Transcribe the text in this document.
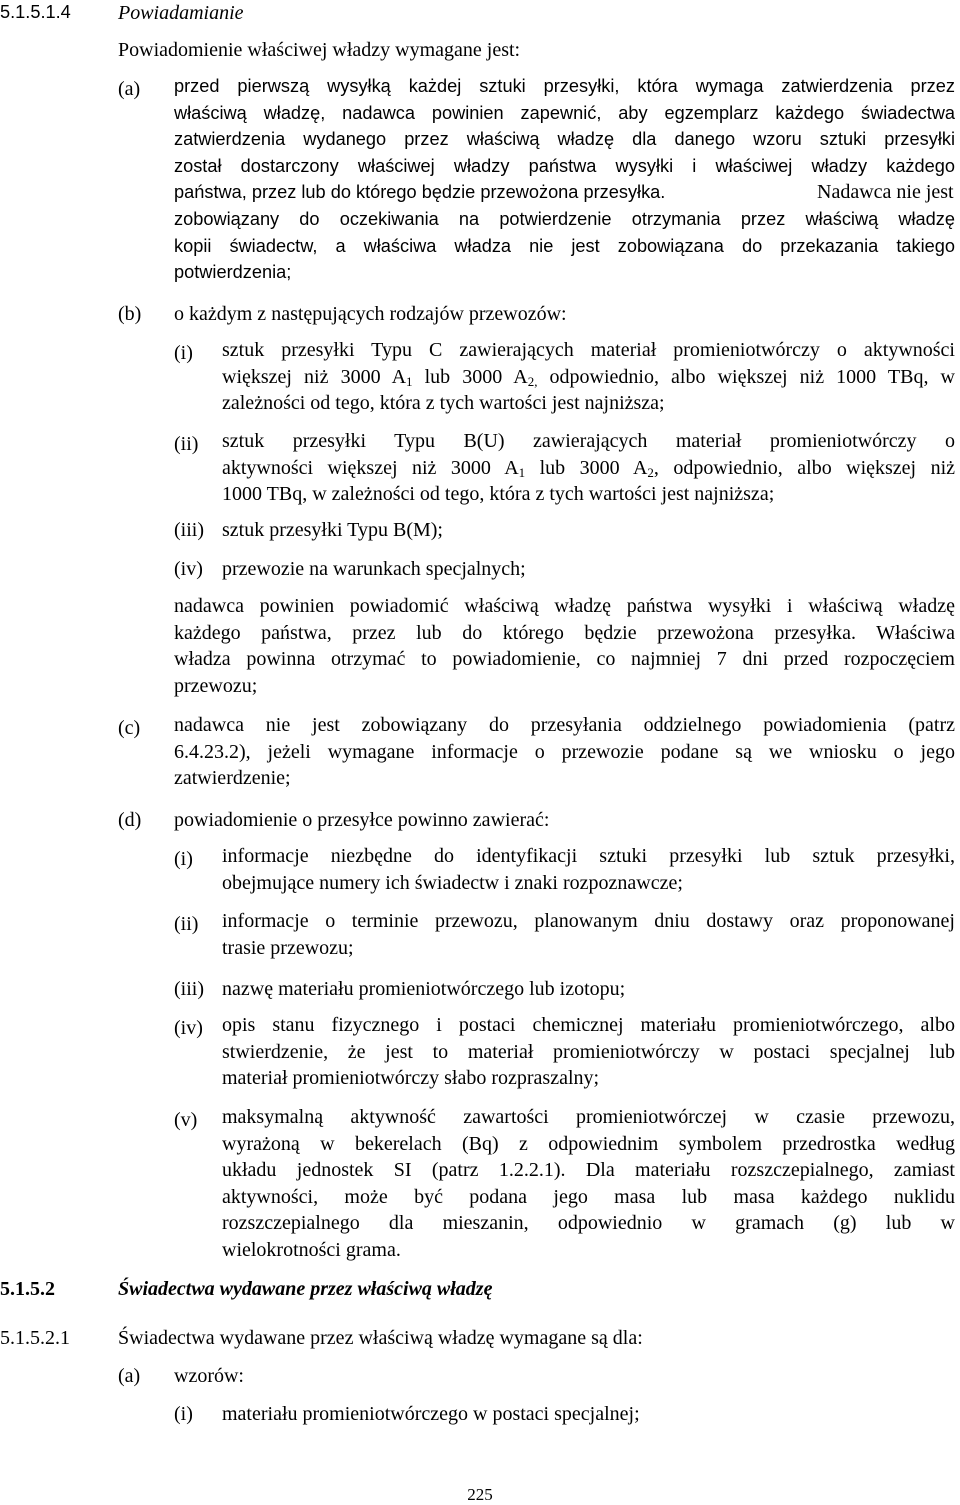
5.1.5.1.4 Powiadamianie
Powiadomienie właściwej władzy wymagane jest:
(a) przed pierwszą wysyłką każdej sztuki przesyłki, która wymaga zatwierdzenia przez
właściwą władzę, nadawca powinien zapewnić, aby egzemplarz każdego świadectwa
zatwierdzenia wydanego przez właściwą władzę dla danego wzoru sztuki przesyłki
został dostarczony właściwej władzy państwa wysyłki i właściwej władzy każdego
państwa, przez lub do którego będzie przewożona przesyłka.	Nadawca nie jest
zobowiązany do oczekiwania na potwierdzenie otrzymania przez właściwą władzę
kopii świadectw, a właściwa władza nie jest zobowiązana do przekazania takiego
potwierdzenia;
(b) o każdym z następujących rodzajów przewozów:
(i) sztuk przesyłki Typu C zawierających materiał promieniotwórczy o aktywności
większej niż 3000 $A_1$ lub 3000 $A_{2,}$ odpowiednio, albo większej niż 1000 TBq, w
zależności od tego, która z tych wartości jest najniższa;
(ii) sztuk przesyłki Typu B(U) zawierających materiał promieniotwórczy o
aktywności większej niż 3000 $A_1$ lub 3000 $A_2$, odpowiednio, albo większej niż
1000 TBq, w zależności od tego, która z tych wartości jest najniższa;
(iii) sztuk przesyłki Typu B(M);
(iv) przewozie na warunkach specjalnych;
nadawca powinien powiadomić właściwą władzę państwa wysyłki i właściwą władzę
każdego państwa, przez lub do którego będzie przewożona przesyłka. Właściwa
władza powinna otrzymać to powiadomienie, co najmniej 7 dni przed rozpoczęciem
przewozu;
(c) nadawca nie jest zobowiązany do przesyłania oddzielnego powiadomienia (patrz
6.4.23.2), jeżeli wymagane informacje o przewozie podane są we wniosku o jego
zatwierdzenie;
(d) powiadomienie o przesyłce powinno zawierać:
(i) informacje niezbędne do identyfikacji sztuki przesyłki lub sztuk przesyłki,
obejmujące numery ich świadectw i znaki rozpoznawcze;
(ii) informacje o terminie przewozu, planowanym dniu dostawy oraz proponowanej
trasie przewozu;
(iii) nazwę materiału promieniotwórczego lub izotopu;
(iv) opis stanu fizycznego i postaci chemicznej materiału promieniotwórczego, albo
stwierdzenie, że jest to materiał promieniotwórczy w postaci specjalnej lub
materiał promieniotwórczy słabo rozpraszalny;
(v) maksymalną aktywność zawartości promieniotwórczej w czasie przewozu,
wyrażoną w bekerelach (Bq) z odpowiednim symbolem przedrostka według
układu jednostek SI (patrz 1.2.2.1). Dla materiału rozszczepialnego, zamiast
aktywności, może być podana jego masa lub masa każdego nuklidu
rozszczepialnego dla mieszanin, odpowiednio w gramach (g) lub w
wielokrotności grama.
5.1.5.2	Świadectwa wydawane przez właściwą władzę
5.1.5.2.1 Świadectwa wydawane przez właściwą władzę wymagane są dla:
(a) wzorów:
(i) materiału promieniotwórczego w postaci specjalnej;
225
